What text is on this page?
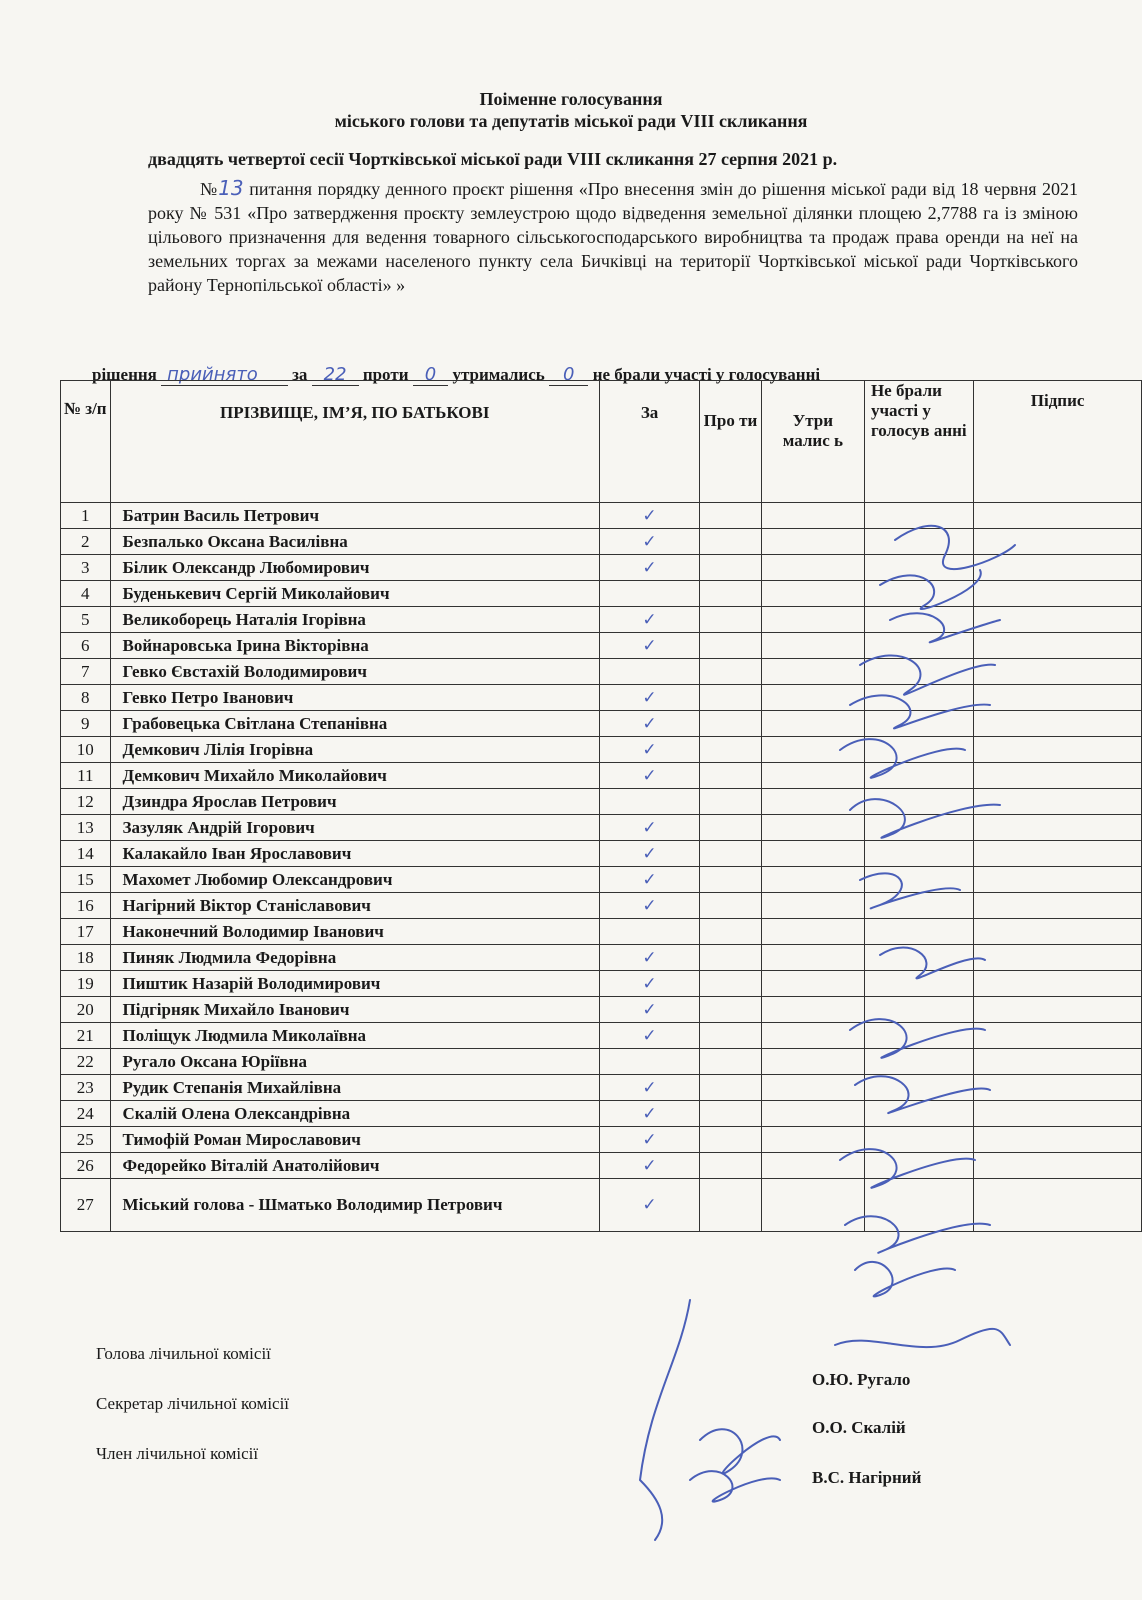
Поіменне голосування
міського голови та депутатів міської ради VIII скликання
двадцять четвертої сесії Чортківської міської ради VIII скликання 27 серпня 2021 р.
№13 питання порядку денного проєкт рішення «Про внесення змін до рішення міської ради від 18 червня 2021 року № 531 «Про затвердження проєкту землеустрою щодо відведення земельної ділянки площею 2,7788 га із зміною цільового призначення для ведення товарного сільськогосподарського виробництва та продаж права оренди на неї на земельних торгах за межами населеного пункту села Бичківці на території Чортківської міської ради Чортківського району Тернопільської області» »
рішення прийнято за 22 проти 0 утримались 0 не брали участі у голосуванні
№ з/п	ПРІЗВИЩЕ, ІМ’Я, ПО БАТЬКОВІ	За	Про ти	Утри малис ь	Не брали участі у голосув анні	Підпис
1	Батрин Василь Петрович	✓				
2	Безпалько Оксана Василівна	✓				
3	Білик Олександр Любомирович	✓				
4	Буденькевич Сергій Миколайович					
5	Великоборець Наталія Ігорівна	✓				
6	Войнаровська Ірина Вікторівна	✓				
7	Гевко Євстахій Володимирович					
8	Гевко Петро Іванович	✓				
9	Грабовецька Світлана Степанівна	✓				
10	Демкович Лілія Ігорівна	✓				
11	Демкович Михайло Миколайович	✓				
12	Дзиндра Ярослав Петрович					
13	Зазуляк Андрій Ігорович	✓				
14	Калакайло Іван Ярославович	✓				
15	Махомет Любомир Олександрович	✓				
16	Нагірний Віктор Станіславович	✓				
17	Наконечний Володимир Іванович					
18	Пиняк Людмила Федорівна	✓				
19	Пиштик Назарій Володимирович	✓				
20	Підгірняк Михайло Іванович	✓				
21	Поліщук Людмила Миколаївна	✓				
22	Ругало Оксана Юріївна					
23	Рудик Степанія Михайлівна	✓				
24	Скалій Олена Олександрівна	✓				
25	Тимофій Роман Мирославович	✓				
26	Федорейко Віталій Анатолійович	✓				
27	Міський голова - Шматько Володимир Петрович	✓				
Голова лічильної комісії
Секретар лічильної комісії
Член лічильної комісії
О.Ю. Ругало
О.О. Скалій
В.С. Нагірний
